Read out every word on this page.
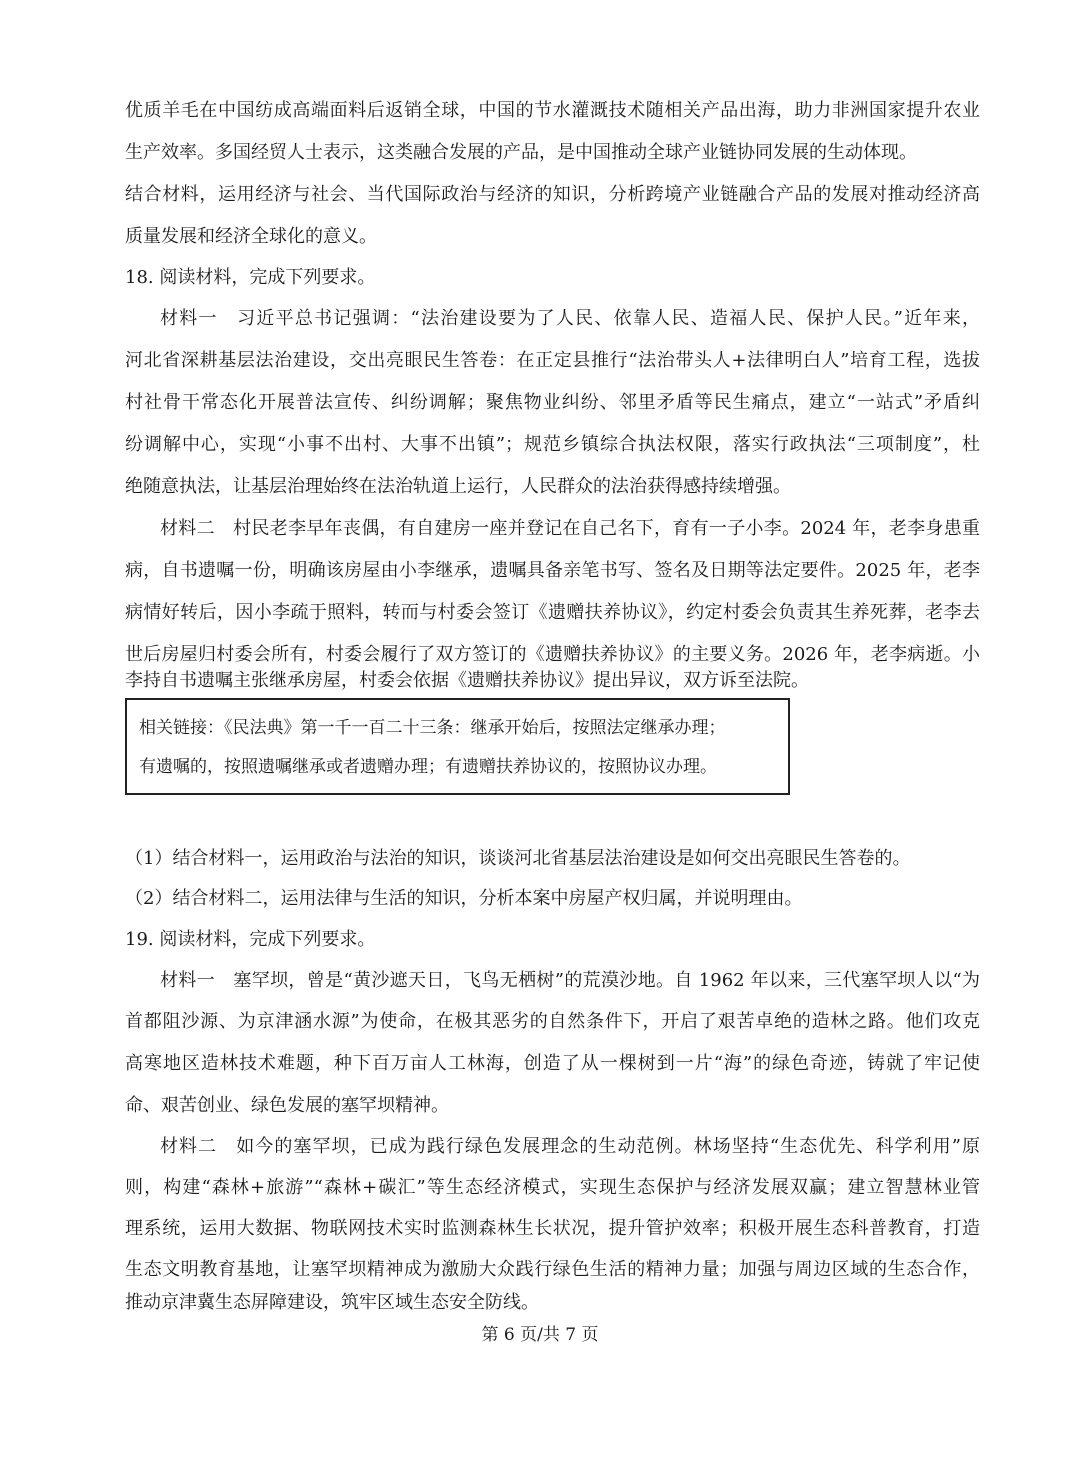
优质羊毛在中国纺成高端面料后返销全球，中国的节水灌溉技术随相关产品出海，助力非洲国家提升农业
生产效率。多国经贸人士表示，这类融合发展的产品，是中国推动全球产业链协同发展的生动体现。
结合材料，运用经济与社会、当代国际政治与经济的知识，分析跨境产业链融合产品的发展对推动经济高
质量发展和经济全球化的意义。
18. 阅读材料，完成下列要求。
材料一　习近平总书记强调：“法治建设要为了人民、依靠人民、造福人民、保护人民。”近年来，
河北省深耕基层法治建设，交出亮眼民生答卷：在正定县推行“法治带头人+法律明白人”培育工程，选拔
村社骨干常态化开展普法宣传、纠纷调解；聚焦物业纠纷、邻里矛盾等民生痛点，建立“一站式”矛盾纠
纷调解中心，实现“小事不出村、大事不出镇”；规范乡镇综合执法权限，落实行政执法“三项制度”，杜
绝随意执法，让基层治理始终在法治轨道上运行，人民群众的法治获得感持续增强。
材料二　村民老李早年丧偶，有自建房一座并登记在自己名下，育有一子小李。2024 年，老李身患重
病，自书遗嘱一份，明确该房屋由小李继承，遗嘱具备亲笔书写、签名及日期等法定要件。2025 年，老李
病情好转后，因小李疏于照料，转而与村委会签订《遗赠扶养协议》，约定村委会负责其生养死葬，老李去
世后房屋归村委会所有，村委会履行了双方签订的《遗赠扶养协议》的主要义务。2026 年，老李病逝。小
李持自书遗嘱主张继承房屋，村委会依据《遗赠扶养协议》提出异议，双方诉至法院。
相关链接：《民法典》第一千一百二十三条：继承开始后，按照法定继承办理；
有遗嘱的，按照遗嘱继承或者遗赠办理；有遗赠扶养协议的，按照协议办理。
（1）结合材料一，运用政治与法治的知识，谈谈河北省基层法治建设是如何交出亮眼民生答卷的。
（2）结合材料二，运用法律与生活的知识，分析本案中房屋产权归属，并说明理由。
19. 阅读材料，完成下列要求。
材料一　塞罕坝，曾是“黄沙遮天日，飞鸟无栖树”的荒漠沙地。自 1962 年以来，三代塞罕坝人以“为
首都阻沙源、为京津涵水源”为使命，在极其恶劣的自然条件下，开启了艰苦卓绝的造林之路。他们攻克
高寒地区造林技术难题，种下百万亩人工林海，创造了从一棵树到一片“海”的绿色奇迹，铸就了牢记使
命、艰苦创业、绿色发展的塞罕坝精神。
材料二　如今的塞罕坝，已成为践行绿色发展理念的生动范例。林场坚持“生态优先、科学利用”原
则，构建“森林+旅游”“森林+碳汇”等生态经济模式，实现生态保护与经济发展双赢；建立智慧林业管
理系统，运用大数据、物联网技术实时监测森林生长状况，提升管护效率；积极开展生态科普教育，打造
生态文明教育基地，让塞罕坝精神成为激励大众践行绿色生活的精神力量；加强与周边区域的生态合作，
推动京津冀生态屏障建设，筑牢区域生态安全防线。
第 6 页/共 7 页
